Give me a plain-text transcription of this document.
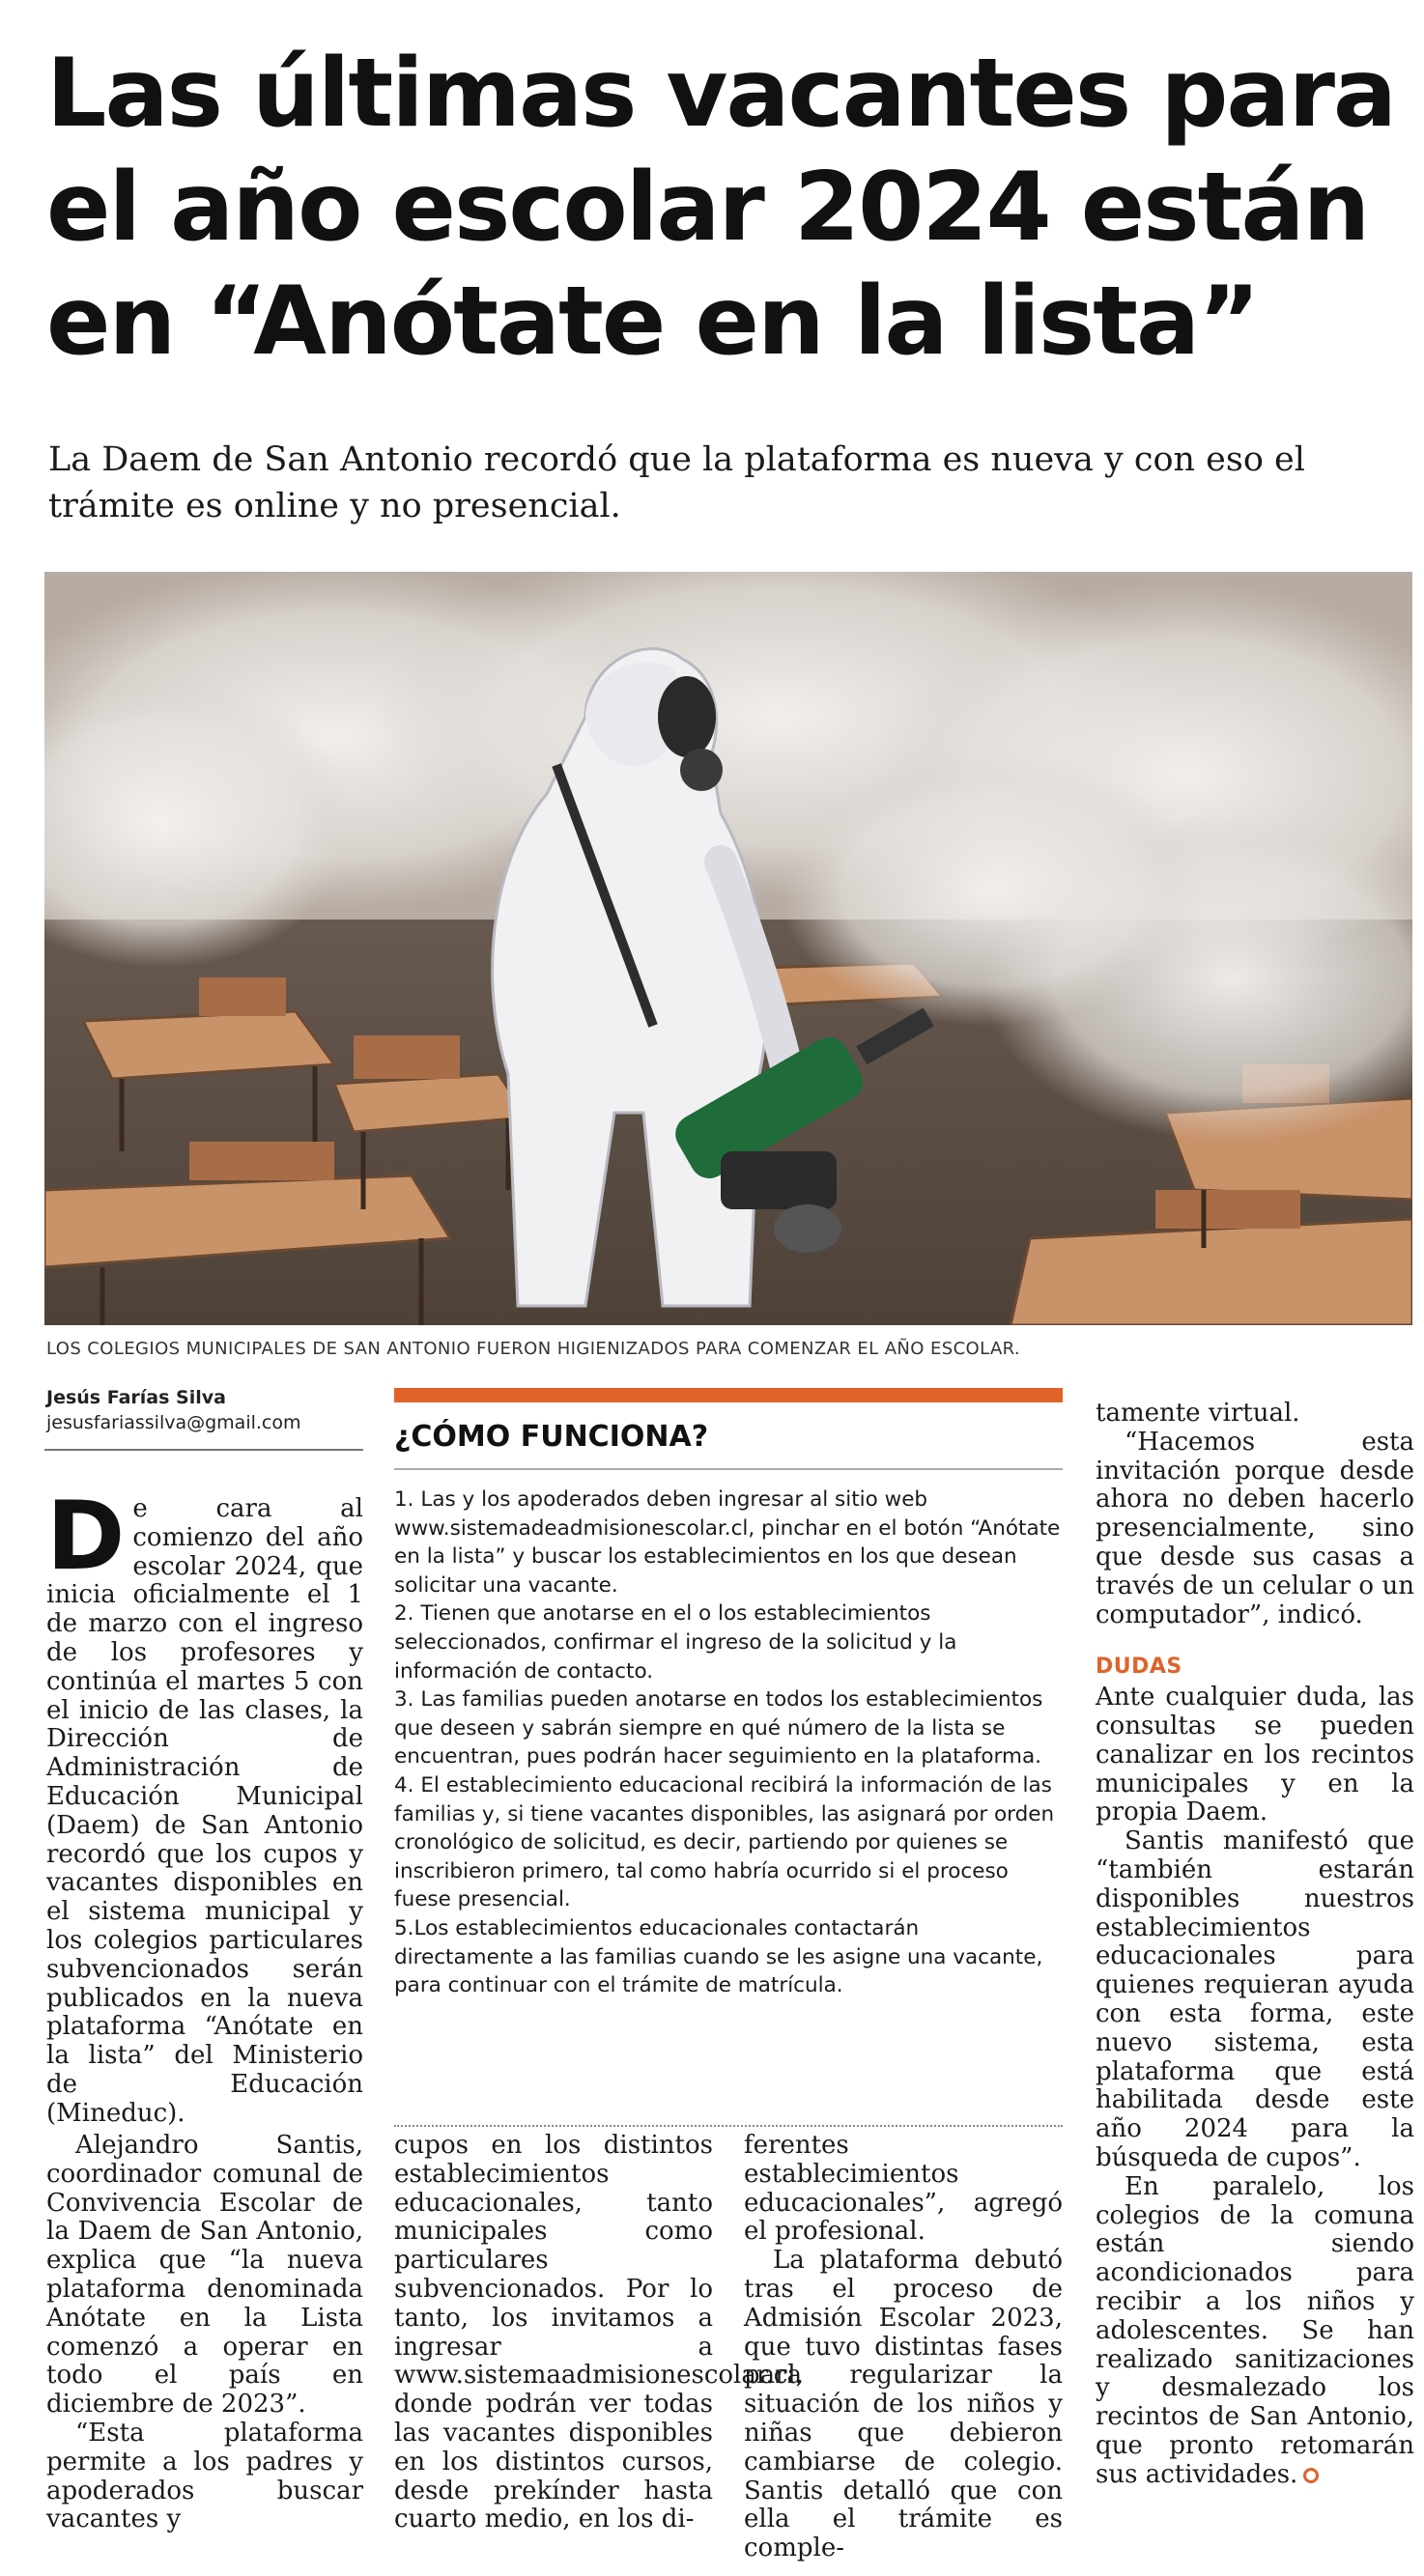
Las últimas vacantes para
el año escolar 2024 están
en “Anótate en la lista”

La Daem de San Antonio recordó que la plataforma es nueva y con eso el trámite es online y no presencial.

LOS COLEGIOS MUNICIPALES DE SAN ANTONIO FUERON HIGIENIZADOS PARA COMENZAR EL AÑO ESCOLAR.
Jesús Farías Silva
jesusfariassilva@gmail.com

De cara al comienzo del año escolar 2024, que inicia oficialmente el 1 de marzo con el ingreso de los profesores y continúa el martes 5 con el inicio de las clases, la Dirección de Administración de Educación Municipal (Daem) de San Antonio recordó que los cupos y vacantes disponibles en el sistema municipal y los colegios particulares subvencionados serán publicados en la nueva plataforma “Anótate en la lista” del Ministerio de Educación (Mineduc).

Alejandro Santis, coordinador comunal de Convivencia Escolar de la Daem de San Antonio, explica que “la nueva plataforma denominada Anótate en la Lista comenzó a operar en todo el país en diciembre de 2023”.

“Esta plataforma permite a los padres y apoderados buscar vacantes y

¿CÓMO FUNCIONA?

1. Las y los apoderados deben ingresar al sitio web www.sistemadeadmisionescolar.cl, pinchar en el botón “Anótate en la lista” y buscar los establecimientos en los que desean solicitar una vacante.

2. Tienen que anotarse en el o los establecimientos seleccionados, confirmar el ingreso de la solicitud y la información de contacto.

3. Las familias pueden anotarse en todos los establecimientos que deseen y sabrán siempre en qué número de la lista se encuentran, pues podrán hacer seguimiento en la plataforma.

4. El establecimiento educacional recibirá la información de las familias y, si tiene vacantes disponibles, las asignará por orden cronológico de solicitud, es decir, partiendo por quienes se inscribieron primero, tal como habría ocurrido si el proceso fuese presencial.

5.Los establecimientos educacionales contactarán directamente a las familias cuando se les asigne una vacante, para continuar con el trámite de matrícula.

cupos en los distintos establecimientos educacionales, tanto municipales como particulares subvencionados. Por lo tanto, los invitamos a ingresar a www.sistemaadmisionescolar.cl, donde podrán ver todas las vacantes disponibles en los distintos cursos, desde prekínder hasta cuarto medio, en los di-

ferentes establecimientos educacionales”, agregó el profesional.

La plataforma debutó tras el proceso de Admisión Escolar 2023, que tuvo distintas fases para regularizar la situación de los niños y niñas que debieron cambiarse de colegio. Santis detalló que con ella el trámite es comple-

tamente virtual.

“Hacemos esta invitación porque desde ahora no deben hacerlo presencialmente, sino que desde sus casas a través de un celular o un computador”, indicó.

DUDAS

Ante cualquier duda, las consultas se pueden canalizar en los recintos municipales y en la propia Daem.

Santis manifestó que “también estarán disponibles nuestros establecimientos educacionales para quienes requieran ayuda con esta forma, este nuevo sistema, esta plataforma que está habilitada desde este año 2024 para la búsqueda de cupos”.

En paralelo, los colegios de la comuna están siendo acondicionados para recibir a los niños y adolescentes. Se han realizado sanitizaciones y desmalezado los recintos de San Antonio, que pronto retomarán sus actividades.
